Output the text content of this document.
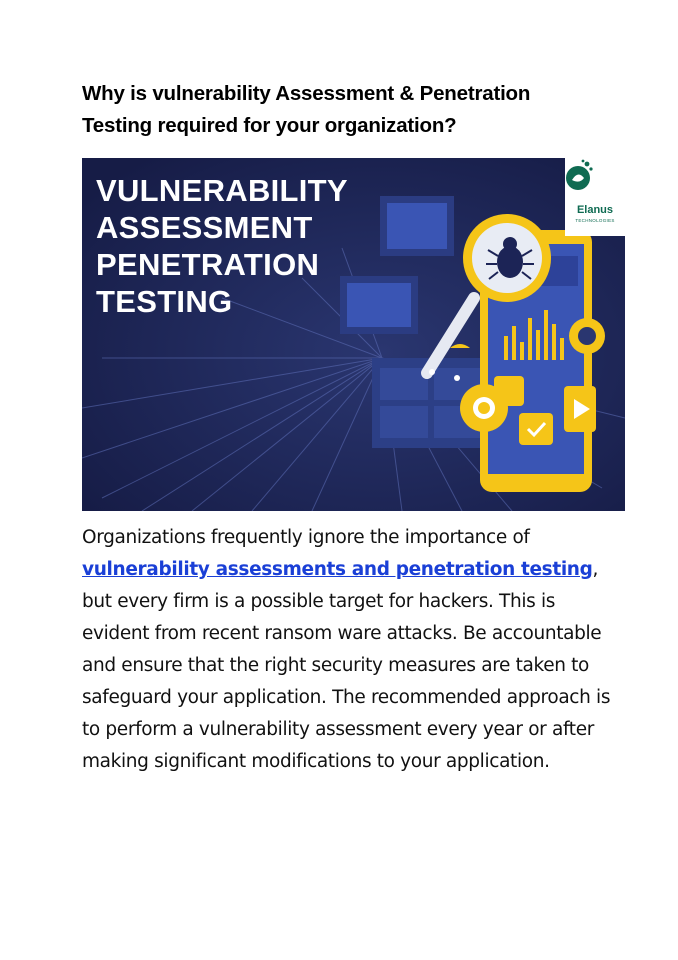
Why is vulnerability Assessment & Penetration Testing required for your organization?
VULNERABILITY
ASSESSMENT
PENETRATION
TESTING
Elanus
TECHNOLOGIES

Organizations frequently ignore the importance of vulnerability assessments and penetration testing, but every firm is a possible target for hackers. This is evident from recent ransom ware attacks. Be accountable and ensure that the right security measures are taken to safeguard your application. The recommended approach is to perform a vulnerability assessment every year or after making significant modifications to your application.
